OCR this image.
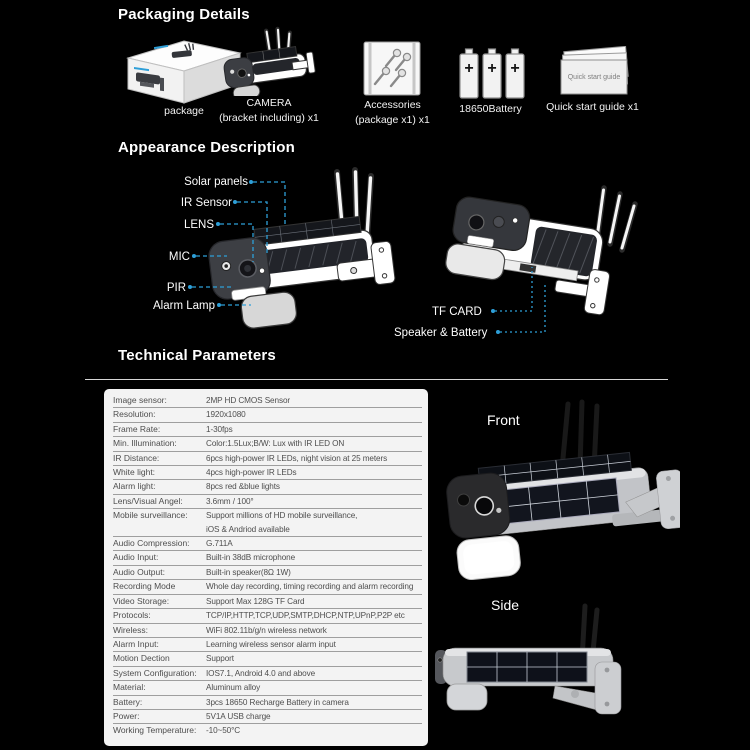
Packaging Details
package
CAMERA
(bracket including) x1
Accessories
(package x1) x1
+ + +
18650Battery
Quick start guide
Quick start guide x1
Appearance Description
Solar panels
IR Sensor
LENS
MIC
PIR
Alarm Lamp	TF CARD
Speaker & Battery
Technical Parameters
Image sensor:	2MP HD CMOS Sensor
Resolution:	1920x1080
Frame Rate:	1-30fps
Min. Illumination:	Color:1.5Lux;B/W: Lux with IR LED ON
IR Distance:	6pcs high-power IR LEDs, night vision at 25 meters
White light:	4pcs high-power IR LEDs
Alarm light:	8pcs red &blue lights
Lens/Visual Angel:	3.6mm / 100°
Mobile surveillance:	Support millions of HD mobile surveillance,
iOS & Andriod available
Audio Compression:	G.711A
Audio Input:	Built-in 38dB microphone
Audio Output:	Built-in speaker(8Ω 1W)
Recording Mode	Whole day recording, timing recording and alarm recording
Video Storage:	Support Max 128G TF Card
Protocols:	TCP/IP,HTTP,TCP,UDP,SMTP,DHCP,NTP,UPnP,P2P etc
Wireless:	WiFi 802.11b/g/n wireless network
Alarm Input:	Learning wireless sensor alarm input
Motion Dection	Support
System Configuration:	IOS7.1, Android 4.0 and above
Material:	Aluminum alloy
Battery:	3pcs 18650 Recharge Battery in camera
Power:	5V1A USB charge
Working Temperature:	-10~50°C
Front
Side
